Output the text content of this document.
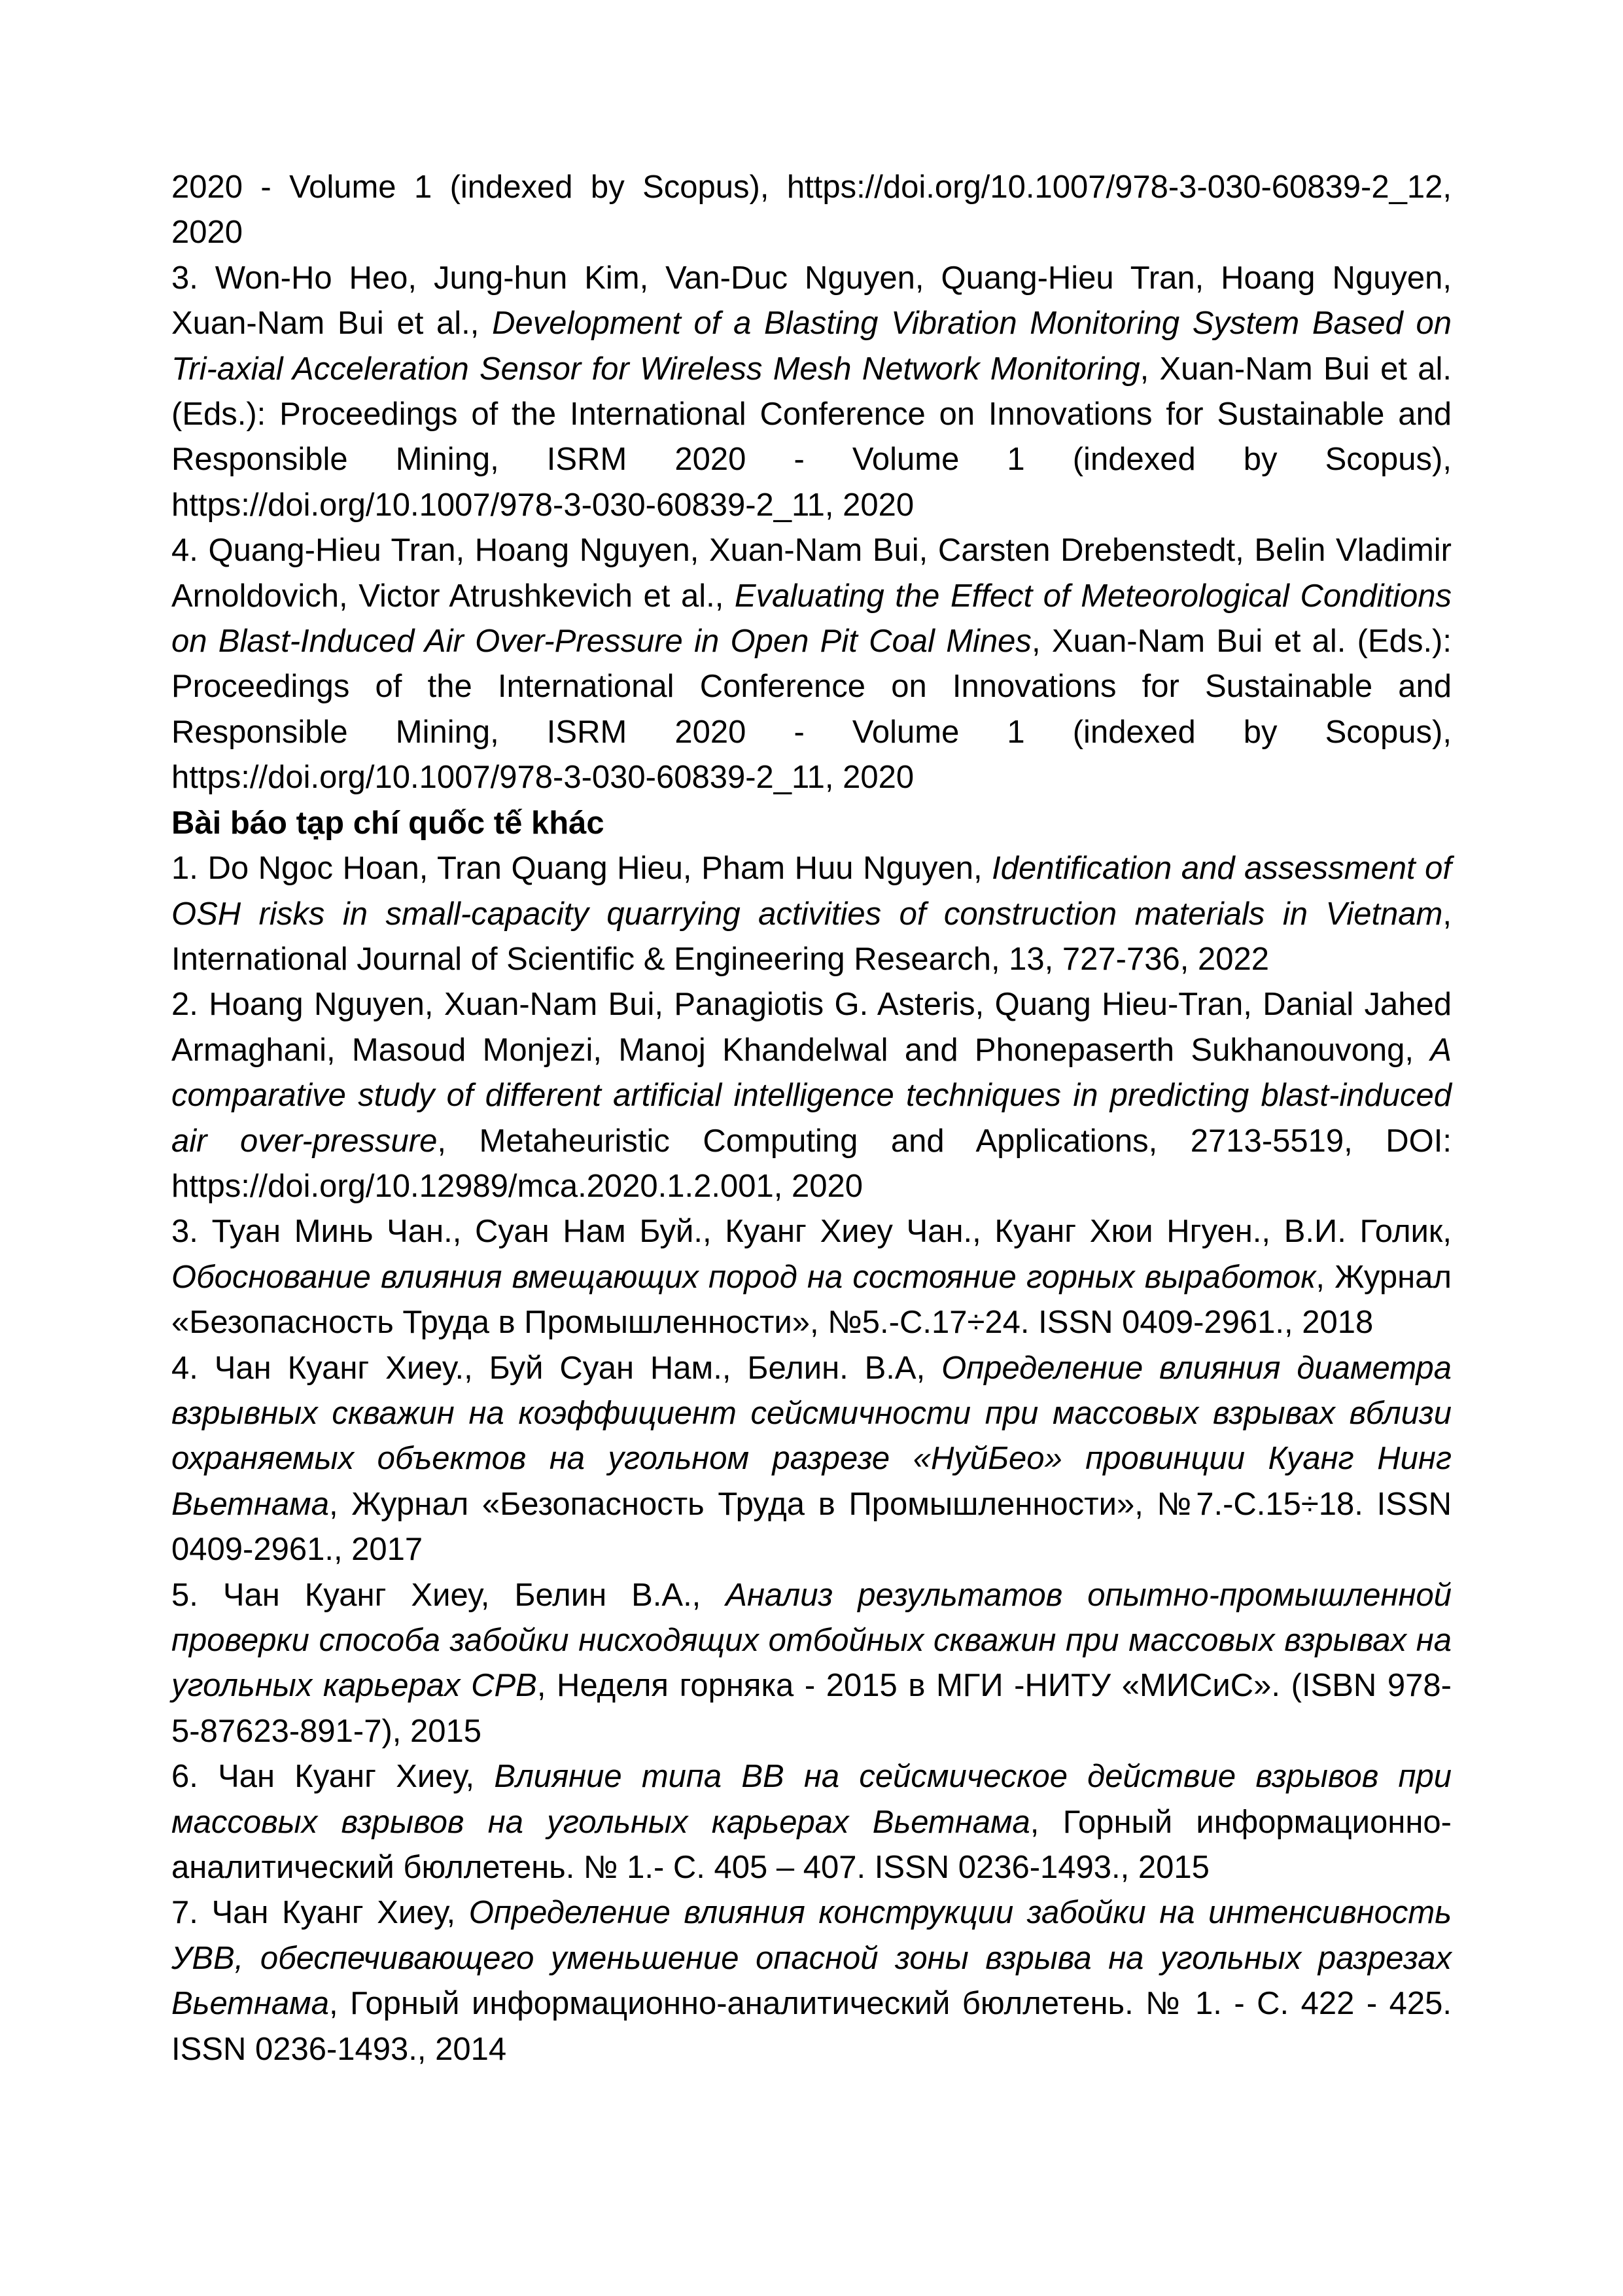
2020 - Volume 1 (indexed by Scopus), https://doi.org/10.1007/978-3-030-60839-2_12, 2020

3. Won-Ho Heo, Jung-hun Kim, Van-Duc Nguyen, Quang-Hieu Tran, Hoang Nguyen, Xuan-Nam Bui et al., Development of a Blasting Vibration Monitoring System Based on Tri-axial Acceleration Sensor for Wireless Mesh Network Monitoring, Xuan-Nam Bui et al. (Eds.): Proceedings of the International Conference on Innovations for Sustainable and Responsible Mining, ISRM 2020 - Volume 1 (indexed by Scopus), https://doi.org/10.1007/978-3-030-60839-2_11, 2020

4. Quang-Hieu Tran, Hoang Nguyen, Xuan-Nam Bui, Carsten Drebenstedt, Belin Vladimir Arnoldovich, Victor Atrushkevich et al., Evaluating the Effect of Meteorological Conditions on Blast-Induced Air Over-Pressure in Open Pit Coal Mines, Xuan-Nam Bui et al. (Eds.): Proceedings of the International Conference on Innovations for Sustainable and Responsible Mining, ISRM 2020 - Volume 1 (indexed by Scopus), https://doi.org/10.1007/978-3-030-60839-2_11, 2020

Bài báo tạp chí quốc tế khác

1. Do Ngoc Hoan, Tran Quang Hieu, Pham Huu Nguyen, Identification and assessment of OSH risks in small-capacity quarrying activities of construction materials in Vietnam, International Journal of Scientific & Engineering Research, 13, 727-736, 2022

2. Hoang Nguyen, Xuan-Nam Bui, Panagiotis G. Asteris, Quang Hieu-Tran, Danial Jahed Armaghani, Masoud Monjezi, Manoj Khandelwal and Phonepaserth Sukhanouvong, A comparative study of different artificial intelligence techniques in predicting blast-induced air over-pressure, Metaheuristic Computing and Applications, 2713-5519, DOI: https://doi.org/10.12989/mca.2020.1.2.001, 2020

3. Туан Минь Чан., Суан Нам Буй., Куанг Хиеу Чан., Куанг Хюи Нгуен., В.И. Голик, Обоснование влияния вмещающих пород на состояние горных выработок, Журнал «Безопасность Труда в Промышленности», №5.-С.17÷24. ISSN 0409-2961., 2018

4. Чан Куанг Хиеу., Буй Суан Нам., Белин. В.А, Определение влияния диаметра взрывных скважин на коэффициент сейсмичности при массовых взрывах вблизи охраняемых объектов на угольном разрезе «НуйБео» провинции Куанг Нинг Вьетнама, Журнал «Безопасность Труда в Промышленности», №7.-С.15÷18. ISSN 0409-2961., 2017

5. Чан Куанг Хиеу, Белин В.А., Анализ результатов опытно-промышленной проверки способа забойки нисходящих отбойных скважин при массовых взрывах на угольных карьерах СРВ, Неделя горняка - 2015 в МГИ -НИТУ «МИСиС». (ISBN 978-5-87623-891-7), 2015

6. Чан Куанг Хиеу, Влияние типа ВВ на сейсмическое действие взрывов при массовых взрывов на угольных карьерах Вьетнама, Горный информационно-аналитический бюллетень. № 1.- С. 405 – 407. ISSN 0236-1493., 2015

7. Чан Куанг Хиеу, Определение влияния конструкции забойки на интенсивность УВВ, обеспечивающего уменьшение опасной зоны взрыва на угольных разрезах Вьетнама, Горный информационно-аналитический бюллетень. № 1. - С. 422 - 425. ISSN 0236-1493., 2014
